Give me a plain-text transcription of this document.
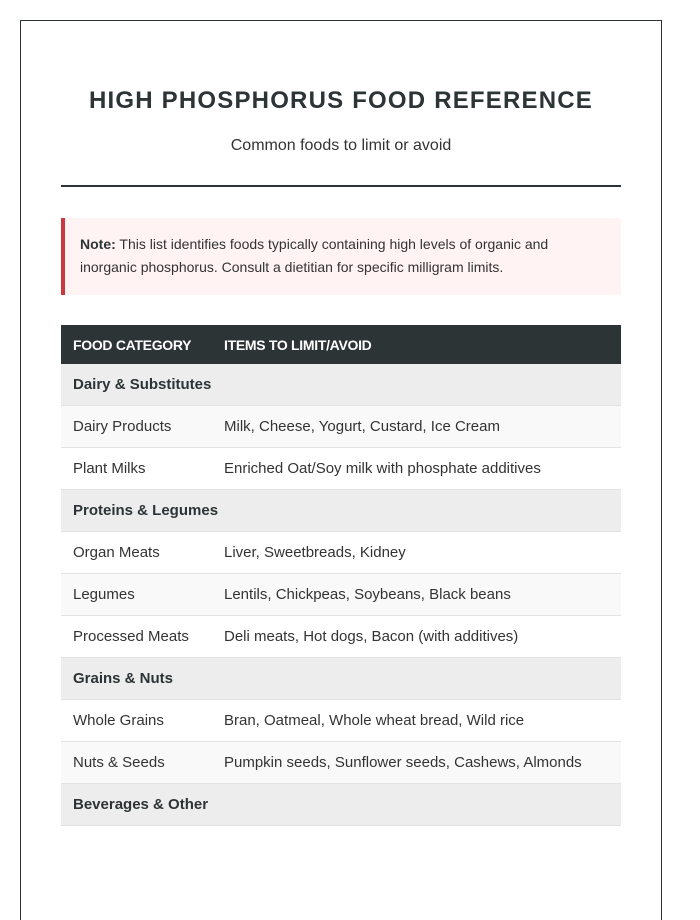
HIGH PHOSPHORUS FOOD REFERENCE
Common foods to limit or avoid
Note: This list identifies foods typically containing high levels of organic and inorganic phosphorus. Consult a dietitian for specific milligram limits.
FOOD CATEGORY	ITEMS TO LIMIT/AVOID
Dairy & Substitutes	
Dairy Products	Milk, Cheese, Yogurt, Custard, Ice Cream
Plant Milks	Enriched Oat/Soy milk with phosphate additives
Proteins & Legumes	
Organ Meats	Liver, Sweetbreads, Kidney
Legumes	Lentils, Chickpeas, Soybeans, Black beans
Processed Meats	Deli meats, Hot dogs, Bacon (with additives)
Grains & Nuts	
Whole Grains	Bran, Oatmeal, Whole wheat bread, Wild rice
Nuts & Seeds	Pumpkin seeds, Sunflower seeds, Cashews, Almonds
Beverages & Other	
